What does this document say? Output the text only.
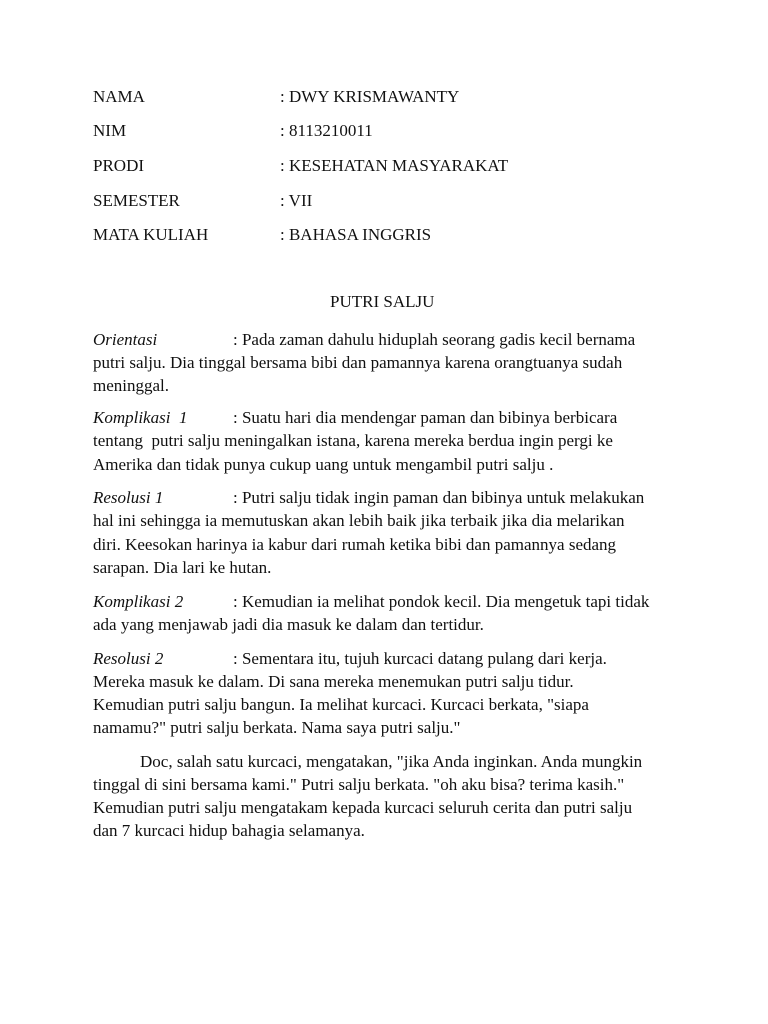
NAMA	: DWY KRISMAWANTY
NIM	: 8113210011
PRODI	: KESEHATAN MASYARAKAT
SEMESTER	: VII
MATA KULIAH	: BAHASA INGGRIS
PUTRI SALJU
Orientasi	: Pada zaman dahulu hiduplah seorang gadis kecil bernama
putri salju. Dia tinggal bersama bibi dan pamannya karena orangtuanya sudah
meninggal.
Komplikasi  1	: Suatu hari dia mendengar paman dan bibinya berbicara
tentang  putri salju meningalkan istana, karena mereka berdua ingin pergi ke
Amerika dan tidak punya cukup uang untuk mengambil putri salju .
Resolusi 1	: Putri salju tidak ingin paman dan bibinya untuk melakukan
hal ini sehingga ia memutuskan akan lebih baik jika terbaik jika dia melarikan
diri. Keesokan harinya ia kabur dari rumah ketika bibi dan pamannya sedang
sarapan. Dia lari ke hutan.
Komplikasi 2	: Kemudian ia melihat pondok kecil. Dia mengetuk tapi tidak
ada yang menjawab jadi dia masuk ke dalam dan tertidur.
Resolusi 2	: Sementara itu, tujuh kurcaci datang pulang dari kerja.
Mereka masuk ke dalam. Di sana mereka menemukan putri salju tidur.
Kemudian putri salju bangun. Ia melihat kurcaci. Kurcaci berkata, "siapa
namamu?" putri salju berkata. Nama saya putri salju."
Doc, salah satu kurcaci, mengatakan, "jika Anda inginkan. Anda mungkin
tinggal di sini bersama kami." Putri salju berkata. "oh aku bisa? terima kasih."
Kemudian putri salju mengatakam kepada kurcaci seluruh cerita dan putri salju
dan 7 kurcaci hidup bahagia selamanya.
